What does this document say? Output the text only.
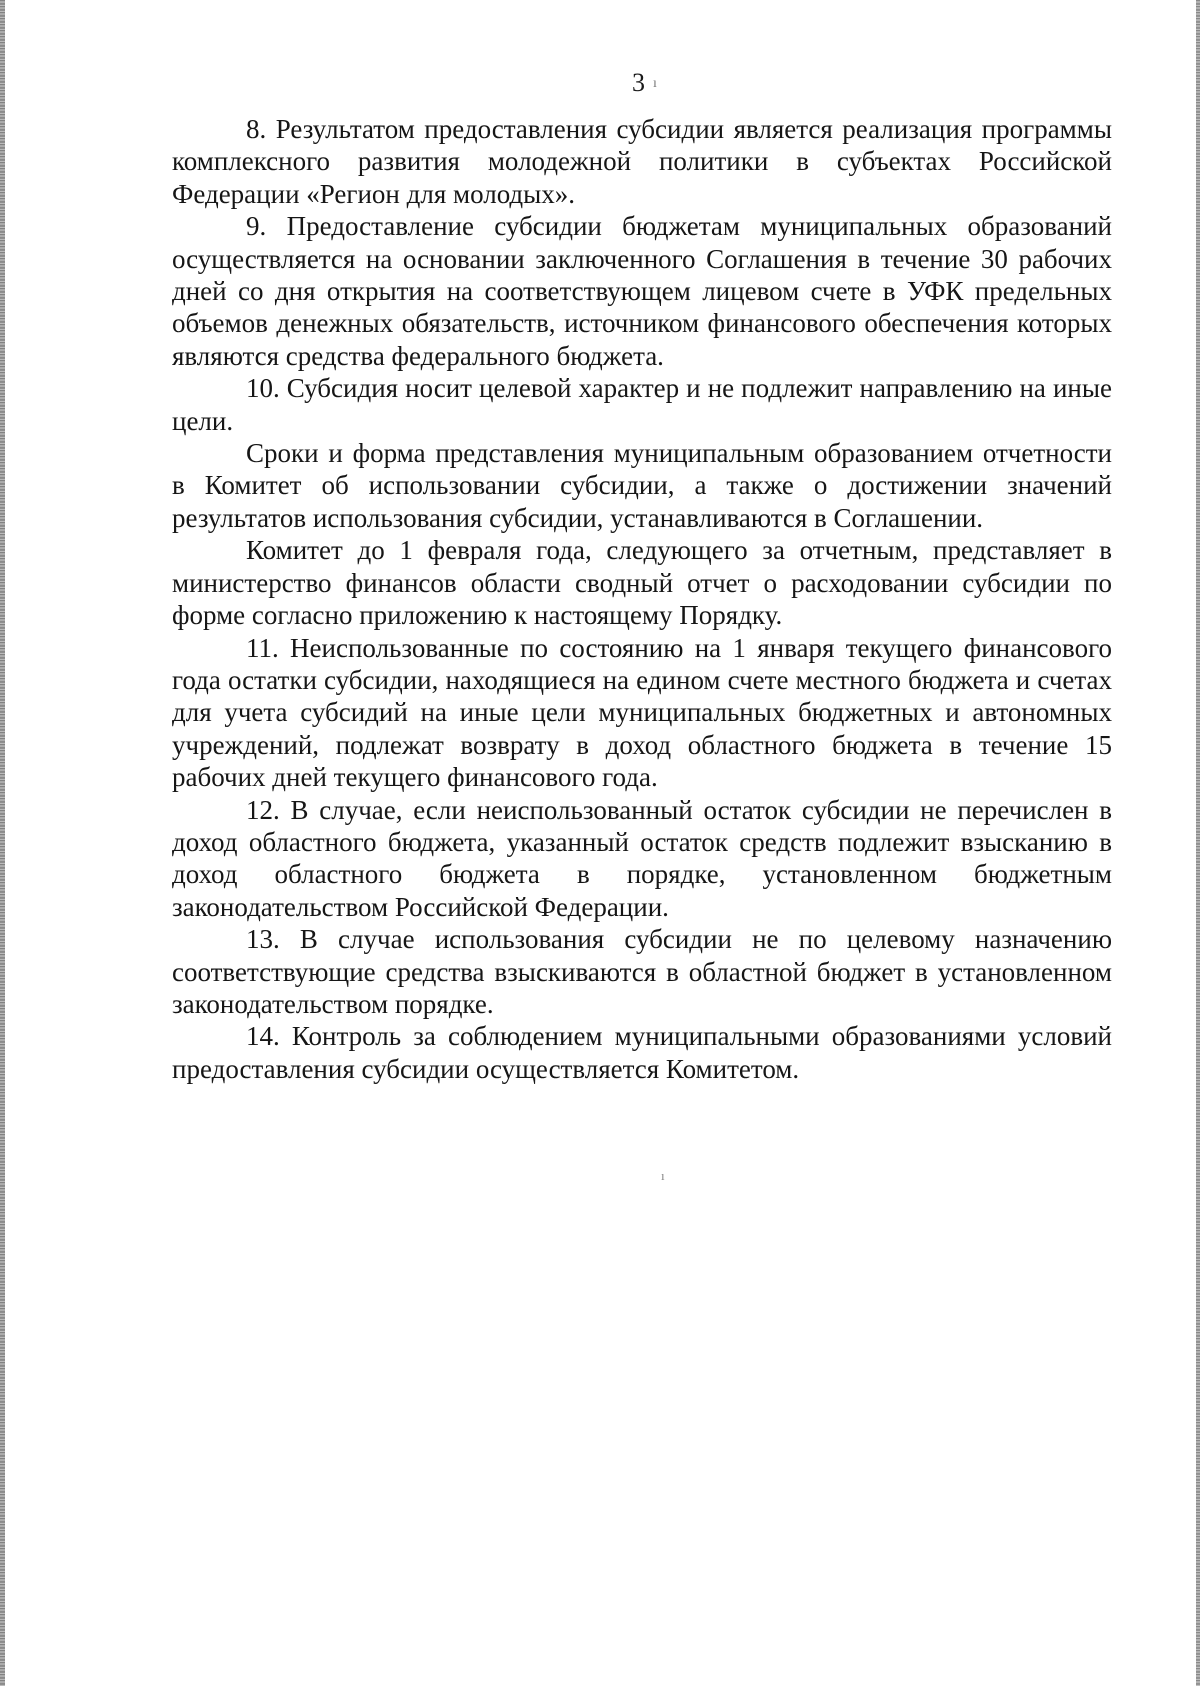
3 ı

8. Результатом предоставления субсидии является реализация программы комплексного развития молодежной политики в субъектах Российской Федерации «Регион для молодых».

9. Предоставление субсидии бюджетам муниципальных образований осуществляется на основании заключенного Соглашения в течение 30 рабочих дней со дня открытия на соответствующем лицевом счете в УФК предельных объемов денежных обязательств, источником финансового обеспечения которых являются средства федерального бюджета.

10. Субсидия носит целевой характер и не подлежит направлению на иные цели.

Сроки и форма представления муниципальным образованием отчетности в Комитет об использовании субсидии, а также о достижении значений результатов использования субсидии, устанавливаются в Соглашении.

Комитет до 1 февраля года, следующего за отчетным, представляет в министерство финансов области сводный отчет о расходовании субсидии по форме согласно приложению к настоящему Порядку.

11. Неиспользованные по состоянию на 1 января текущего финансового года остатки субсидии, находящиеся на едином счете местного бюджета и счетах для учета субсидий на иные цели муниципальных бюджетных и автономных учреждений, подлежат возврату в доход областного бюджета в течение 15 рабочих дней текущего финансового года.

12. В случае, если неиспользованный остаток субсидии не перечислен в доход областного бюджета, указанный остаток средств подлежит взысканию в доход областного бюджета в порядке, установленном бюджетным законодательством Российской Федерации.

13. В случае использования субсидии не по целевому назначению соответствующие средства взыскиваются в областной бюджет в установленном законодательством порядке.

14. Контроль за соблюдением муниципальными образованиями условий предоставления субсидии осуществляется Комитетом.

ı
